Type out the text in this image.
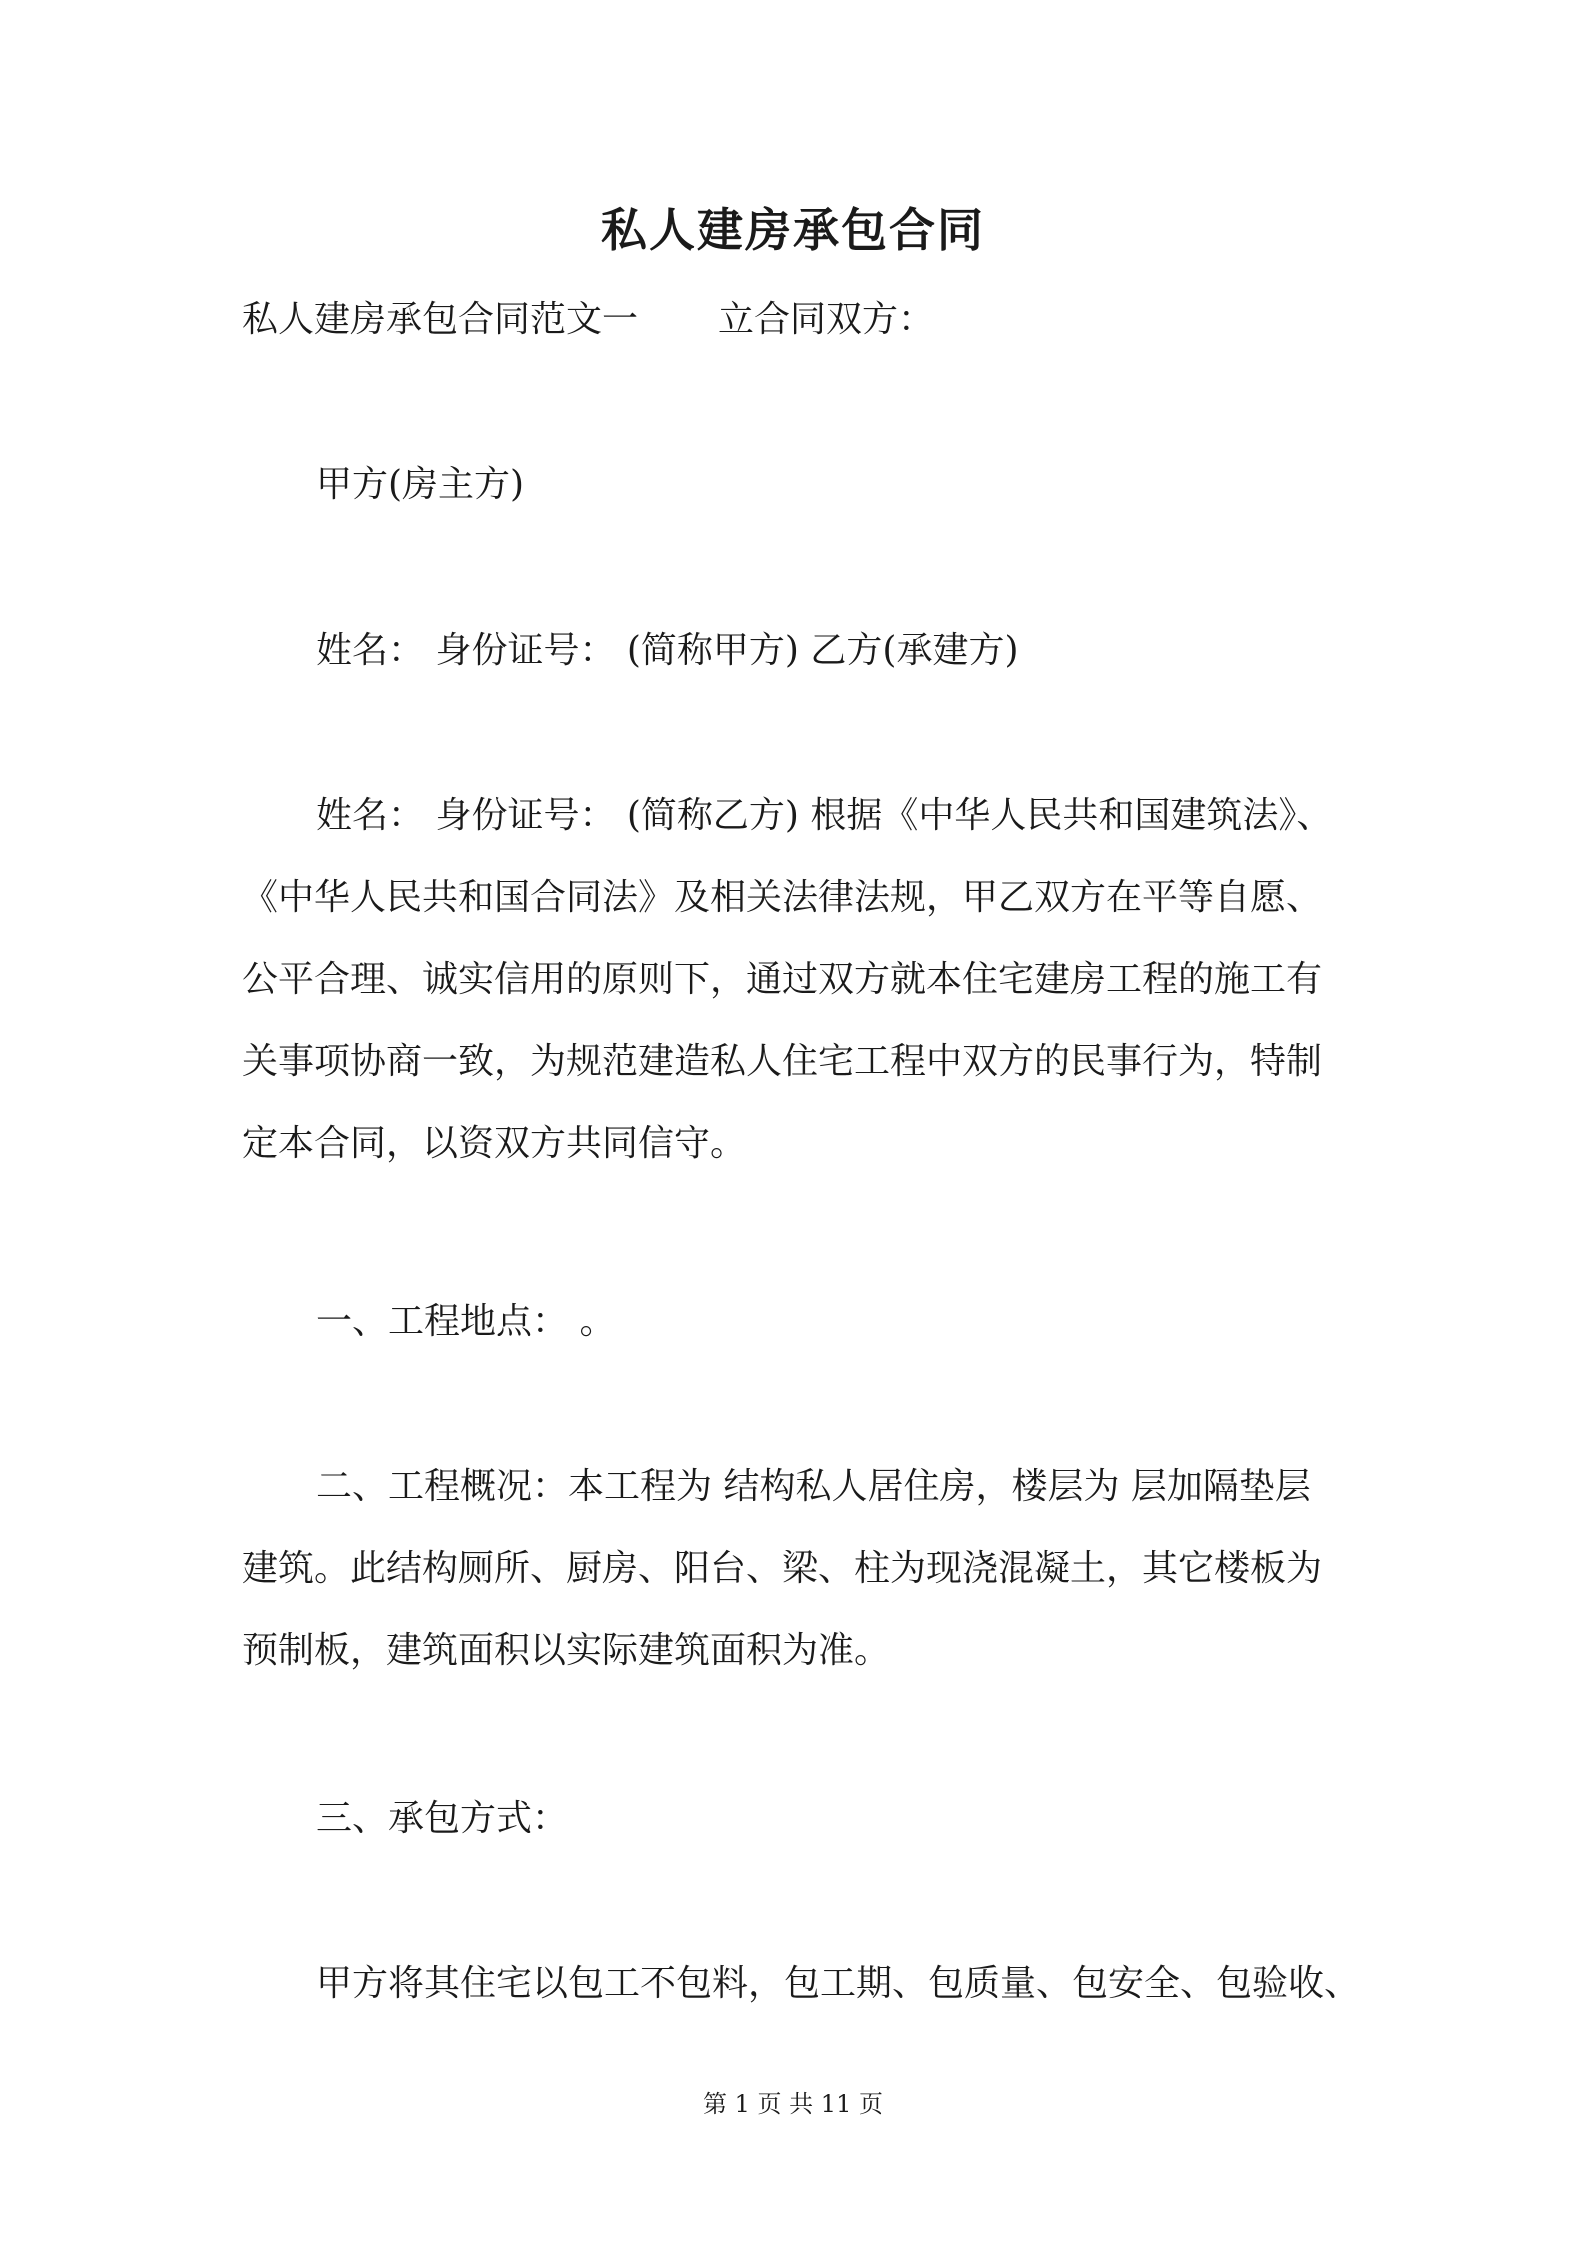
私人建房承包合同
私人建房承包合同范文一 立合同双方：
甲方(房主方)
姓名： 身份证号： (简称甲方) 乙方(承建方)
姓名： 身份证号： (简称乙方) 根据《中华人民共和国建筑法》、
《中华人民共和国合同法》及相关法律法规，甲乙双方在平等自愿、
公平合理、诚实信用的原则下，通过双方就本住宅建房工程的施工有
关事项协商一致，为规范建造私人住宅工程中双方的民事行为，特制
定本合同，以资双方共同信守。
一、工程地点： 。
二、工程概况：本工程为 结构私人居住房，楼层为 层加隔垫层
建筑。此结构厕所、厨房、阳台、梁、柱为现浇混凝土，其它楼板为
预制板，建筑面积以实际建筑面积为准。
三、承包方式：
甲方将其住宅以包工不包料，包工期、包质量、包安全、包验收、
第 1 页 共 11 页
